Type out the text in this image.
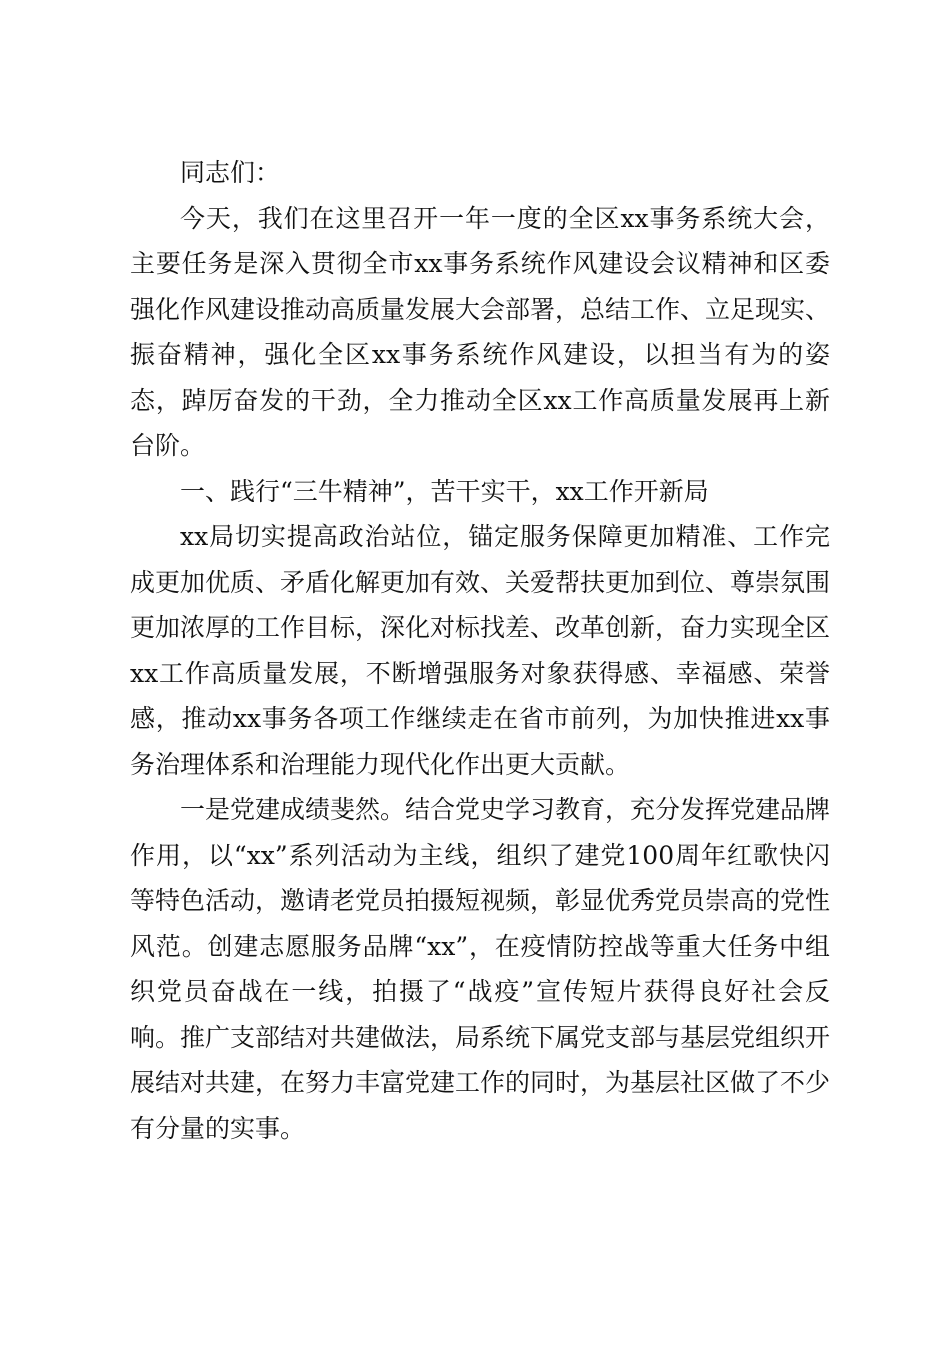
同志们：

今天，我们在这里召开一年一度的全区xx事务系统大会，主要任务是深入贯彻全市xx事务系统作风建设会议精神和区委强化作风建设推动高质量发展大会部署，总结工作、立足现实、振奋精神，强化全区xx事务系统作风建设，以担当有为的姿态，踔厉奋发的干劲，全力推动全区xx工作高质量发展再上新台阶。

一、践行“三牛精神”，苦干实干，xx工作开新局

xx局切实提高政治站位，锚定服务保障更加精准、工作完成更加优质、矛盾化解更加有效、关爱帮扶更加到位、尊崇氛围更加浓厚的工作目标，深化对标找差、改革创新，奋力实现全区xx工作高质量发展，不断增强服务对象获得感、幸福感、荣誉感，推动xx事务各项工作继续走在省市前列，为加快推进xx事务治理体系和治理能力现代化作出更大贡献。

一是党建成绩斐然。结合党史学习教育，充分发挥党建品牌作用，以“xx”系列活动为主线，组织了建党100周年红歌快闪等特色活动，邀请老党员拍摄短视频，彰显优秀党员崇高的党性风范。创建志愿服务品牌“xx”，在疫情防控战等重大任务中组织党员奋战在一线，拍摄了“战疫”宣传短片获得良好社会反响。推广支部结对共建做法，局系统下属党支部与基层党组织开展结对共建，在努力丰富党建工作的同时，为基层社区做了不少有分量的实事。
